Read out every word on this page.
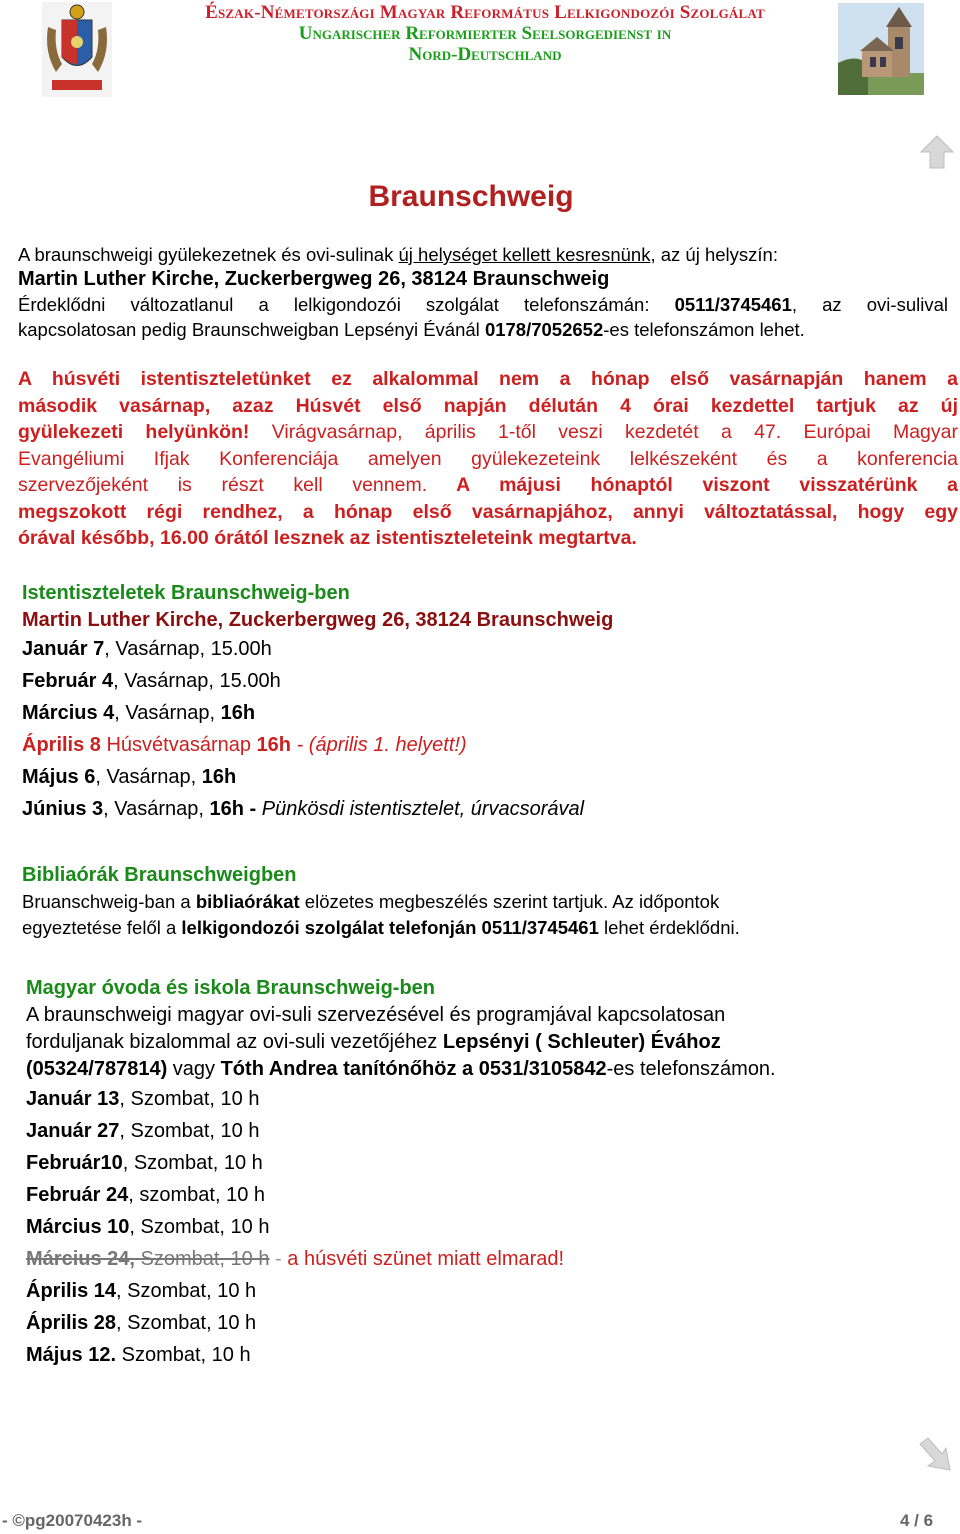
Észak-Németországi Magyar Református Lelkigondozói Szolgálat
Ungarischer Reformierter Seelsorgedienst in
Nord-Deutschland
Braunschweig
A braunschweigi gyülekezetnek és ovi-sulinak új helységet kellett kesresnünk, az új helyszín:
Martin Luther Kirche, Zuckerbergweg 26, 38124 Braunschweig
Érdeklődni változatlanul a lelkigondozói szolgálat telefonszámán: 0511/3745461, az ovi-sulival
kapcsolatosan pedig Braunschweigban Lepsényi Évánál 0178/7052652-es telefonszámon lehet.
A húsvéti istentiszteletünket ez alkalommal nem a hónap első vasárnapján hanem a
második vasárnap, azaz Húsvét első napján délután 4 órai kezdettel tartjuk az új
gyülekezeti helyünkön! Virágvasárnap, április 1-től veszi kezdetét a 47. Európai Magyar
Evangéliumi Ifjak Konferenciája amelyen gyülekezeteink lelkészeként és a konferencia
szervezőjeként is részt kell vennem. A májusi hónaptól viszont visszatérünk a
megszokott régi rendhez, a hónap első vasárnapjához, annyi változtatással, hogy egy
órával később, 16.00 órától lesznek az istentiszteleteink megtartva.
Istentiszteletek Braunschweig-ben
Martin Luther Kirche, Zuckerbergweg 26, 38124 Braunschweig
Január 7, Vasárnap, 15.00h
Február 4, Vasárnap, 15.00h
Március 4, Vasárnap, 16h
Április 8 Húsvétvasárnap 16h - (április 1. helyett!)
Május 6, Vasárnap, 16h
Június 3, Vasárnap, 16h - Pünkösdi istentisztelet, úrvacsorával
Bibliaórák Braunschweigben
Bruanschweig-ban a bibliaórákat elözetes megbeszélés szerint tartjuk. Az időpontok
egyeztetése felől a lelkigondozói szolgálat telefonján 0511/3745461 lehet érdeklődni.
Magyar óvoda és iskola Braunschweig-ben
A braunschweigi magyar ovi-suli szervezésével és programjával kapcsolatosan
forduljanak bizalommal az ovi-suli vezetőjéhez Lepsényi ( Schleuter) Évához
(05324/787814) vagy Tóth Andrea tanítónőhöz a 0531/3105842-es telefonszámon.
Január 13, Szombat, 10 h
Január 27, Szombat, 10 h
Február10, Szombat, 10 h
Február 24, szombat, 10 h
Március 10, Szombat, 10 h
Március 24, Szombat, 10 h - a húsvéti szünet miatt elmarad!
Április 14, Szombat, 10 h
Április 28, Szombat, 10 h
Május 12. Szombat, 10 h
- ©pg20070423h -	4 / 6
